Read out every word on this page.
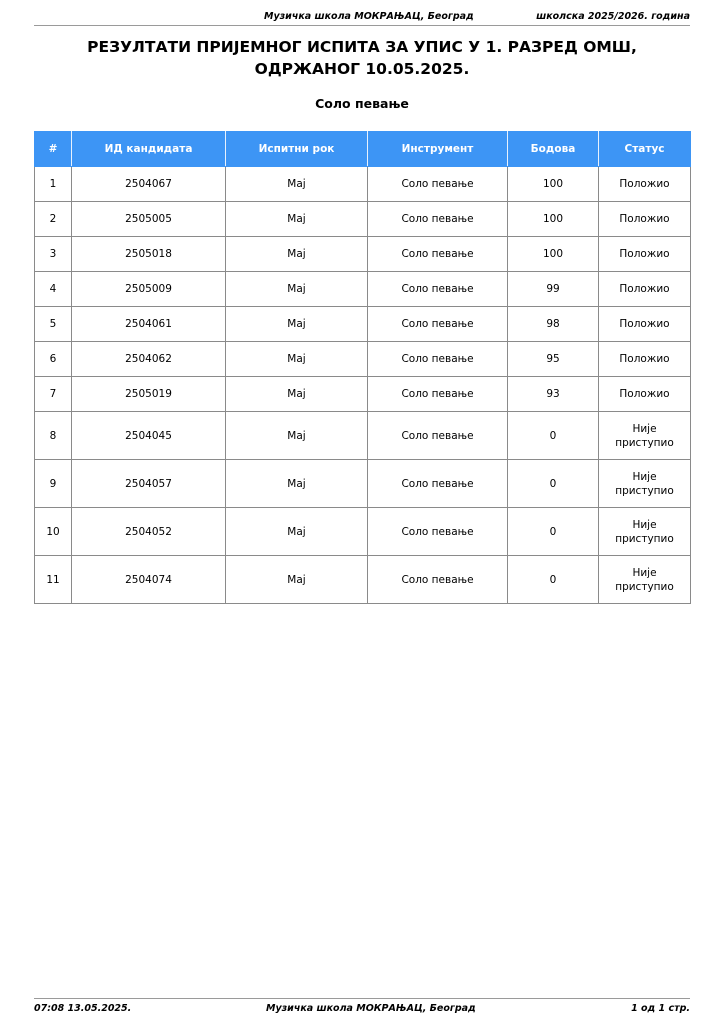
Музичка школа МОКРАЊАЦ, Београд	школска 2025/2026. година
РЕЗУЛТАТИ ПРИЈЕМНОГ ИСПИТА ЗА УПИС У 1. РАЗРЕД ОМШ, ОДРЖАНОГ 10.05.2025.
Соло певање
#	ИД кандидата	Испитни рок	Инструмент	Бодова	Статус
1	2504067	Мај	Соло певање	100	Положио
2	2505005	Мај	Соло певање	100	Положио
3	2505018	Мај	Соло певање	100	Положио
4	2505009	Мај	Соло певање	99	Положио
5	2504061	Мај	Соло певање	98	Положио
6	2504062	Мај	Соло певање	95	Положио
7	2505019	Мај	Соло певање	93	Положио
8	2504045	Мај	Соло певање	0	Није приступио
9	2504057	Мај	Соло певање	0	Није приступио
10	2504052	Мај	Соло певање	0	Није приступио
11	2504074	Мај	Соло певање	0	Није приступио
07:08 13.05.2025.	Музичка школа МОКРАЊАЦ, Београд	1 од 1 стр.
